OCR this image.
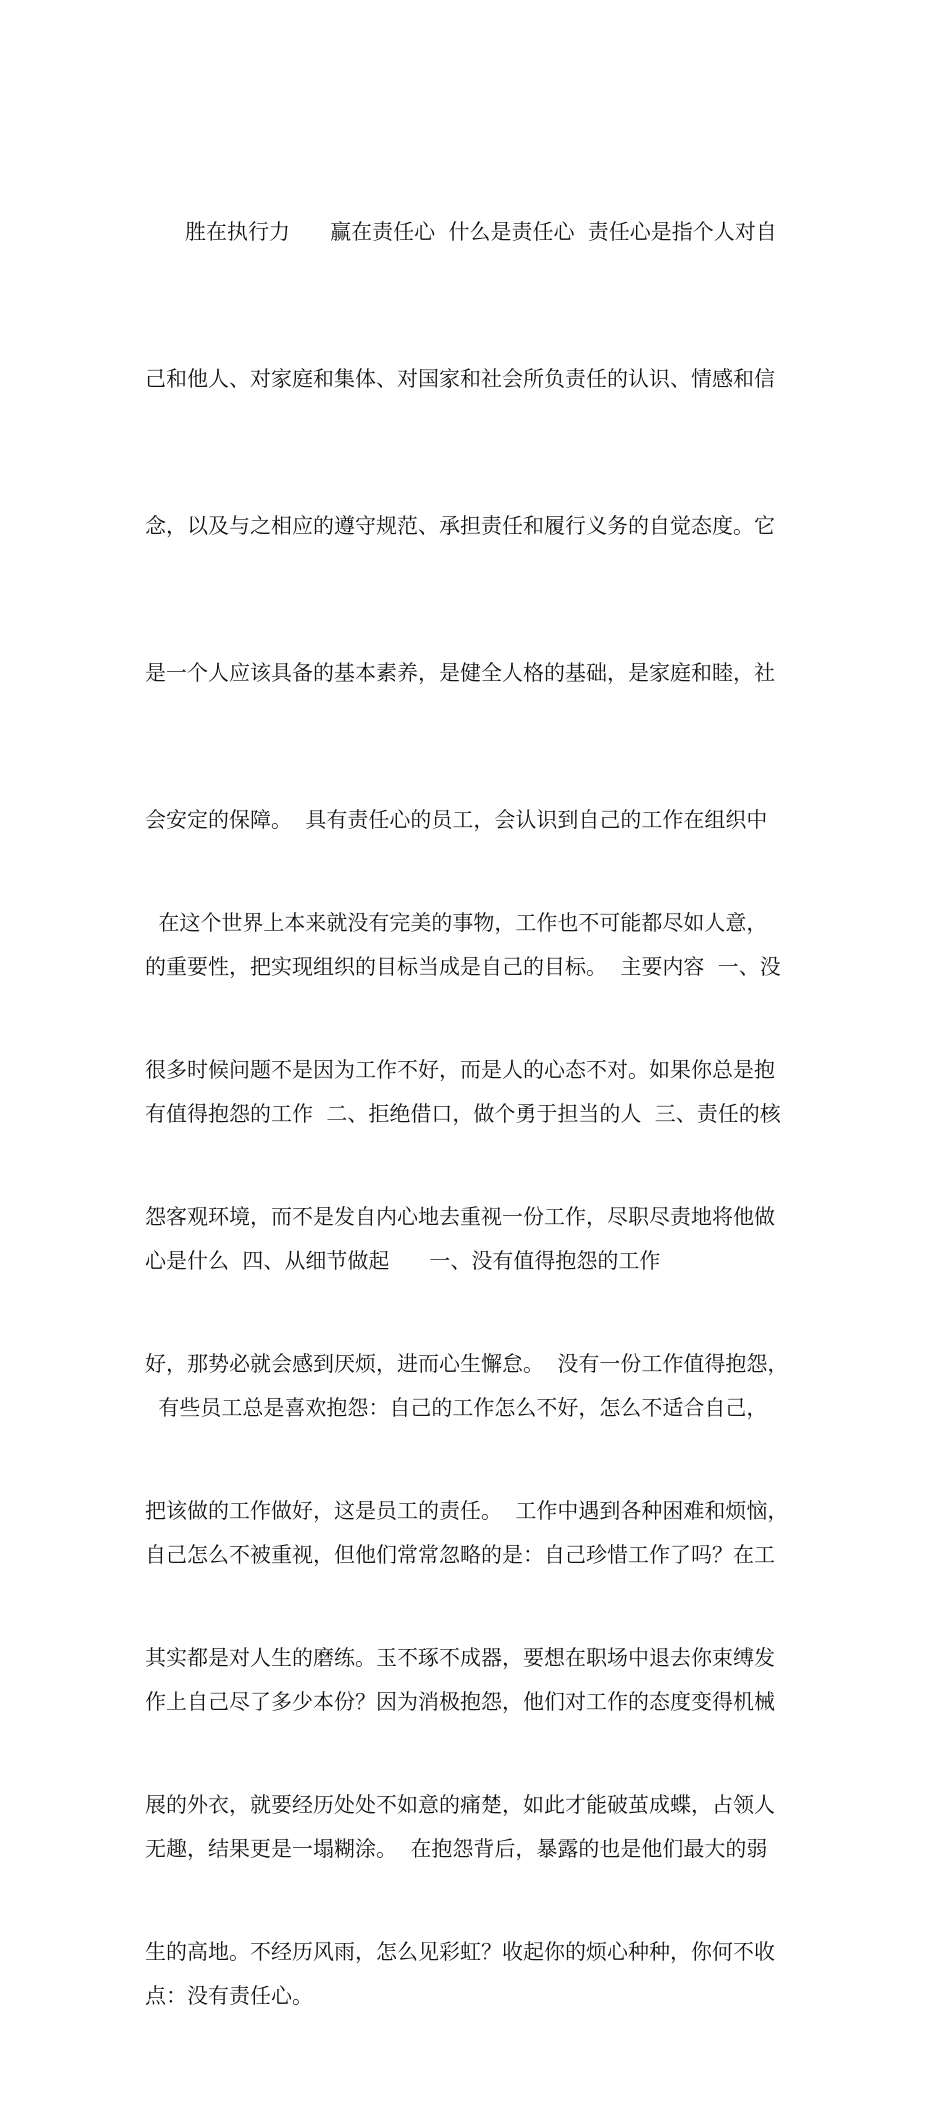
胜在执行力      赢在责任心  什么是责任心  责任心是指个人对自

己和他人、对家庭和集体、对国家和社会所负责任的认识、情感和信

念，以及与之相应的遵守规范、承担责任和履行义务的自觉态度。它

是一个人应该具备的基本素养，是健全人格的基础，是家庭和睦，社

会安定的保障。  具有责任心的员工，会认识到自己的工作在组织中

的重要性，把实现组织的目标当成是自己的目标。  主要内容  一、没

有值得抱怨的工作  二、拒绝借口，做个勇于担当的人  三、责任的核

心是什么  四、从细节做起      一、没有值得抱怨的工作

有些员工总是喜欢抱怨：自己的工作怎么不好，怎么不适合自己，

自己怎么不被重视，但他们常常忽略的是：自己珍惜工作了吗？在工

作上自己尽了多少本份？因为消极抱怨，他们对工作的态度变得机械

无趣，结果更是一塌糊涂。  在抱怨背后，暴露的也是他们最大的弱

点：没有责任心。

在这个世界上本来就没有完美的事物，工作也不可能都尽如人意，

很多时候问题不是因为工作不好，而是人的心态不对。如果你总是抱

怨客观环境，而不是发自内心地去重视一份工作，尽职尽责地将他做

好，那势必就会感到厌烦，进而心生懈怠。  没有一份工作值得抱怨，

把该做的工作做好，这是员工的责任。  工作中遇到各种困难和烦恼，

其实都是对人生的磨练。玉不琢不成器，要想在职场中退去你束缚发

展的外衣，就要经历处处不如意的痛楚，如此才能破茧成蝶，占领人

生的高地。不经历风雨，怎么见彩虹？收起你的烦心种种，你何不收
